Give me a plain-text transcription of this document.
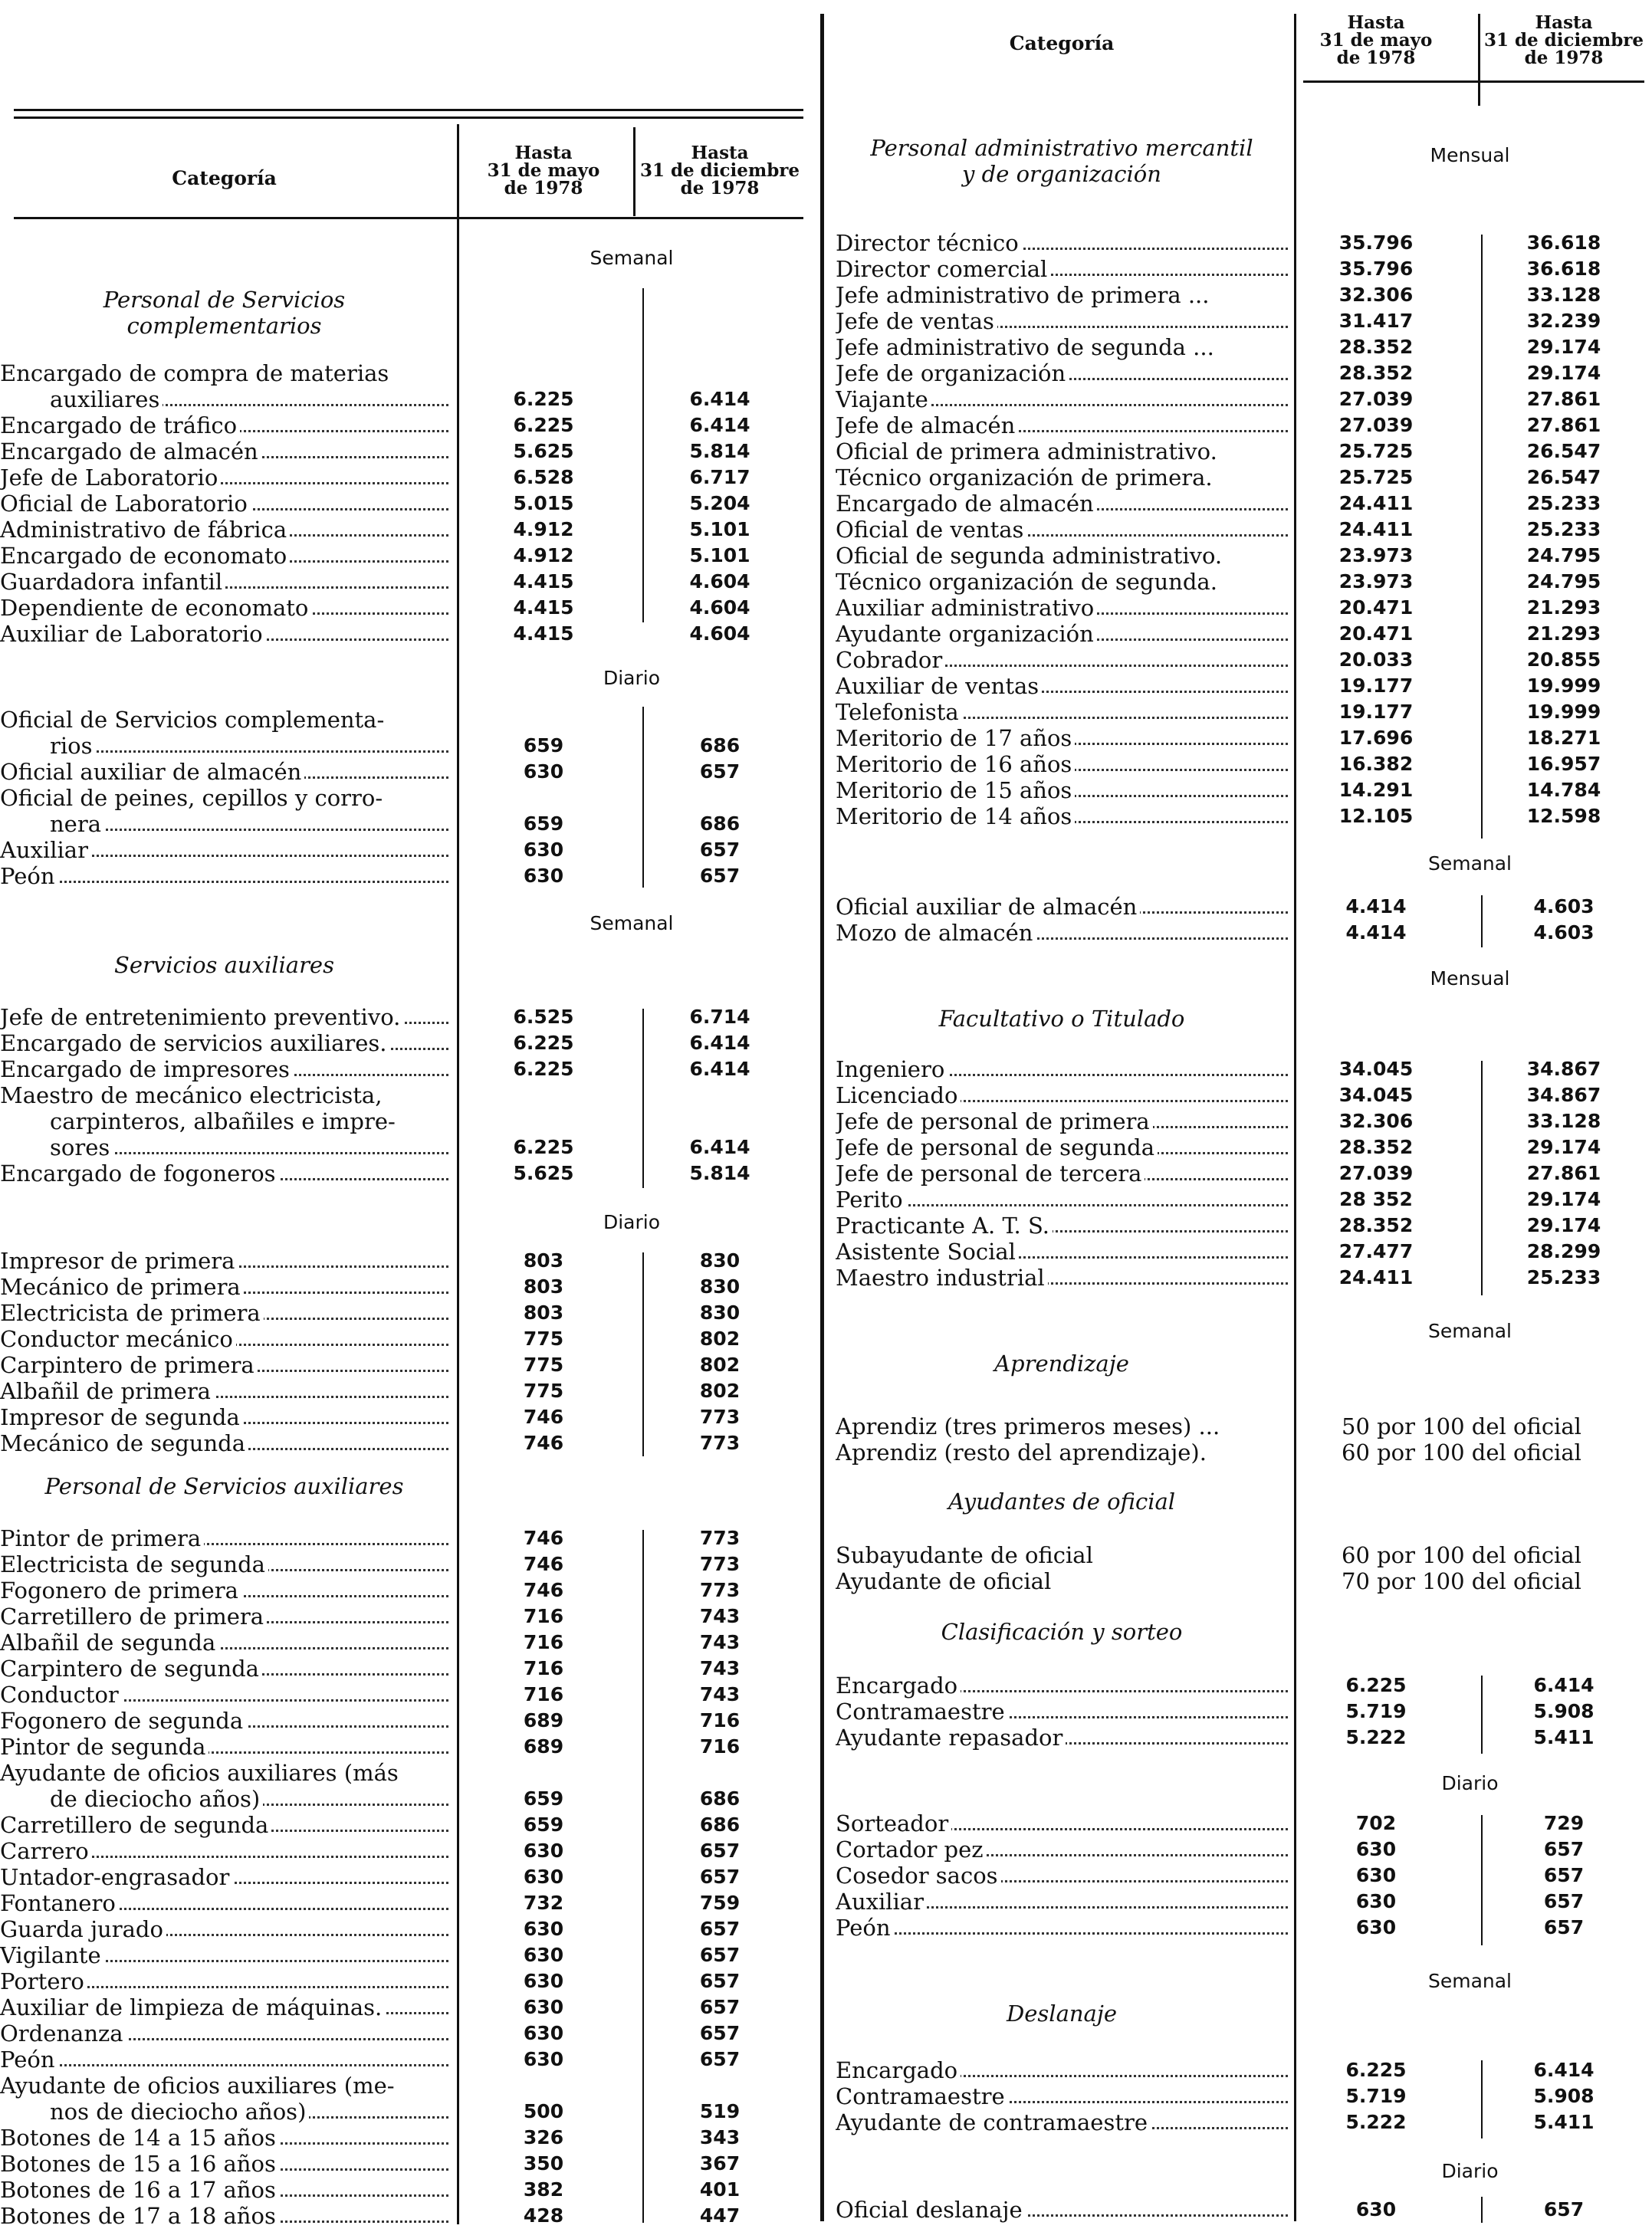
Categoría
Hasta
31 de mayo
de 1978
Hasta
31 de diciembre
de 1978
Semanal
Personal de Servicios
complementarios
Encargado de compra de materias
auxiliares	6.225	6.414
Encargado de tráfico	6.225	6.414
Encargado de almacén	5.625	5.814
Jefe de Laboratorio	6.528	6.717
Oficial de Laboratorio	5.015	5.204
Administrativo de fábrica	4.912	5.101
Encargado de economato	4.912	5.101
Guardadora infantil	4.415	4.604
Dependiente de economato	4.415	4.604
Auxiliar de Laboratorio	4.415	4.604
Diario
Oficial de Servicios complementa-
rios	659	686
Oficial auxiliar de almacén	630	657
Oficial de peines, cepillos y corro-
nera	659	686
Auxiliar	630	657
Peón	630	657
Semanal
Servicios auxiliares
Jefe de entretenimiento preventivo.	6.525	6.714
Encargado de servicios auxiliares.	6.225	6.414
Encargado de impresores	6.225	6.414
Maestro de mecánico electricista,
carpinteros, albañiles e impre-
sores	6.225	6.414
Encargado de fogoneros	5.625	5.814
Diario
Impresor de primera	803	830
Mecánico de primera	803	830
Electricista de primera	803	830
Conductor mecánico	775	802
Carpintero de primera	775	802
Albañil de primera	775	802
Impresor de segunda	746	773
Mecánico de segunda	746	773
Personal de Servicios auxiliares
Pintor de primera	746	773
Electricista de segunda	746	773
Fogonero de primera	746	773
Carretillero de primera	716	743
Albañil de segunda	716	743
Carpintero de segunda	716	743
Conductor	716	743
Fogonero de segunda	689	716
Pintor de segunda	689	716
Ayudante de oficios auxiliares (más
de dieciocho años)	659	686
Carretillero de segunda	659	686
Carrero	630	657
Untador-engrasador	630	657
Fontanero	732	759
Guarda jurado	630	657
Vigilante	630	657
Portero	630	657
Auxiliar de limpieza de máquinas.	630	657
Ordenanza	630	657
Peón	630	657
Ayudante de oficios auxiliares (me-
nos de dieciocho años)	500	519
Botones de 14 a 15 años	326	343
Botones de 15 a 16 años	350	367
Botones de 16 a 17 años	382	401
Botones de 17 a 18 años	428	447
Categoría
Hasta
31 de mayo
de 1978
Hasta
31 de diciembre
de 1978
Personal administrativo mercantil
y de organización
Mensual
Director técnico	35.796	36.618
Director comercial	35.796	36.618
Jefe administrativo de primera ...	32.306	33.128
Jefe de ventas	31.417	32.239
Jefe administrativo de segunda ...	28.352	29.174
Jefe de organización	28.352	29.174
Viajante	27.039	27.861
Jefe de almacén	27.039	27.861
Oficial de primera administrativo.	25.725	26.547
Técnico organización de primera.	25.725	26.547
Encargado de almacén	24.411	25.233
Oficial de ventas	24.411	25.233
Oficial de segunda administrativo.	23.973	24.795
Técnico organización de segunda.	23.973	24.795
Auxiliar administrativo	20.471	21.293
Ayudante organización	20.471	21.293
Cobrador	20.033	20.855
Auxiliar de ventas	19.177	19.999
Telefonista	19.177	19.999
Meritorio de 17 años	17.696	18.271
Meritorio de 16 años	16.382	16.957
Meritorio de 15 años	14.291	14.784
Meritorio de 14 años	12.105	12.598
Semanal
Oficial auxiliar de almacén	4.414	4.603
Mozo de almacén	4.414	4.603
Mensual
Facultativo o Titulado
Ingeniero	34.045	34.867
Licenciado	34.045	34.867
Jefe de personal de primera	32.306	33.128
Jefe de personal de segunda	28.352	29.174
Jefe de personal de tercera	27.039	27.861
Perito	28 352	29.174
Practicante A. T. S.	28.352	29.174
Asistente Social	27.477	28.299
Maestro industrial	24.411	25.233
Semanal
Aprendizaje
Aprendiz (tres primeros meses) ...	50 por 100 del oficial
Aprendiz (resto del aprendizaje).	60 por 100 del oficial
Ayudantes de oficial
Subayudante de oficial	60 por 100 del oficial
Ayudante de oficial	70 por 100 del oficial
Clasificación y sorteo
Encargado	6.225	6.414
Contramaestre	5.719	5.908
Ayudante repasador	5.222	5.411
Diario
Sorteador	702	729
Cortador pez	630	657
Cosedor sacos	630	657
Auxiliar	630	657
Peón	630	657
Semanal
Deslanaje
Encargado	6.225	6.414
Contramaestre	5.719	5.908
Ayudante de contramaestre	5.222	5.411
Diario
Oficial deslanaje	630	657
